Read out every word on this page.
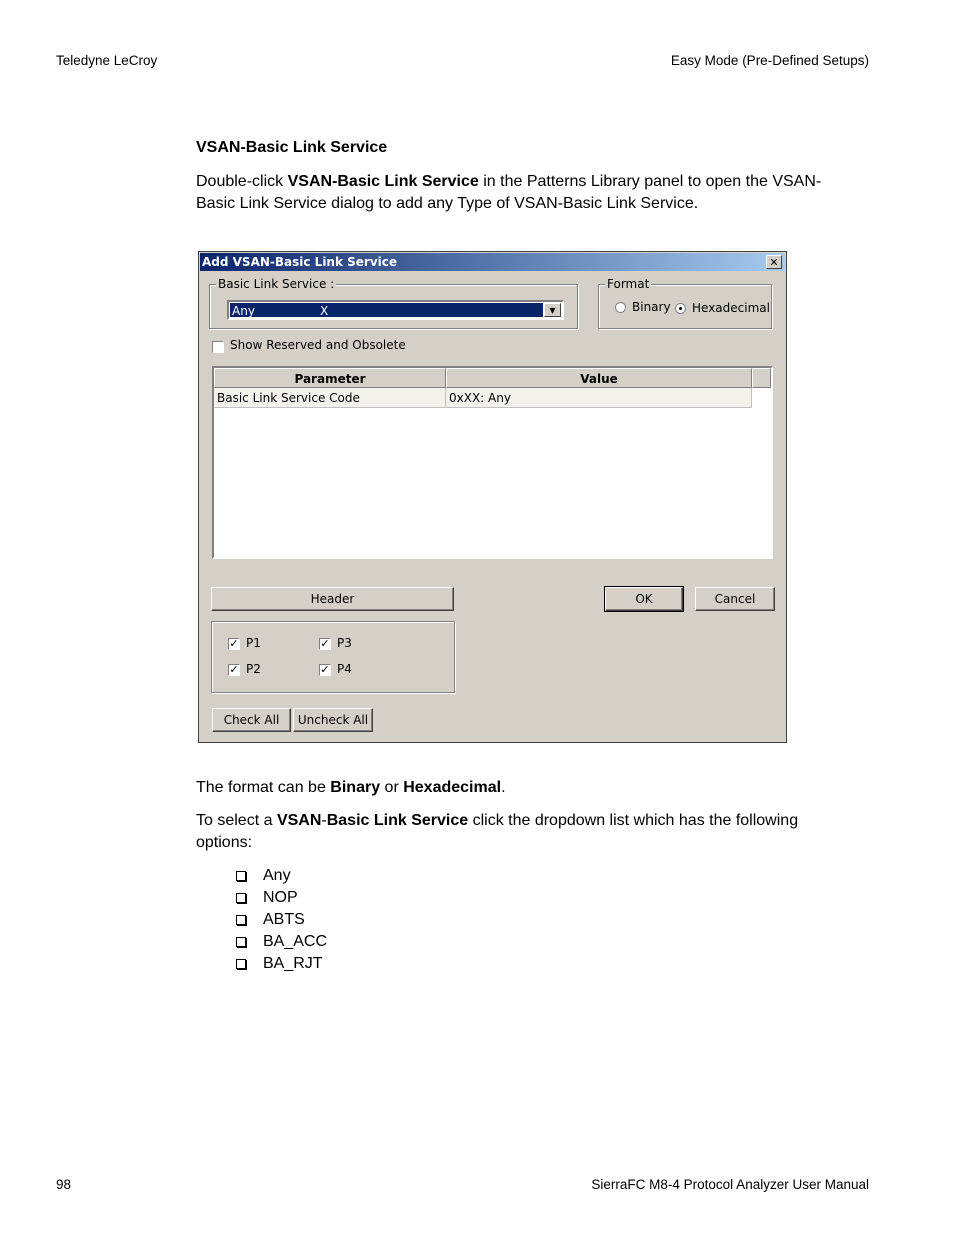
Teledyne LeCroy	Easy Mode (Pre-Defined Setups)
VSAN-Basic Link Service
Double-click VSAN-Basic Link Service in the Patterns Library panel to open the VSAN-Basic Link Service dialog to add any Type of VSAN-Basic Link Service.
Add VSAN-Basic Link Service	✕
Basic Link Service :
Any	X	▼
Format
Binary Hexadecimal
Show Reserved and Obsolete
Parameter	Value
Basic Link Service Code	0xXX: Any
Header	OK	Cancel
✓ P1
✓ P2
✓ P3
✓ P4
Check All	Uncheck All
The format can be Binary or Hexadecimal.
To select a VSAN-Basic Link Service click the dropdown list which has the following options:
Any
NOP
ABTS
BA_ACC
BA_RJT
98	SierraFC M8-4 Protocol Analyzer User Manual
